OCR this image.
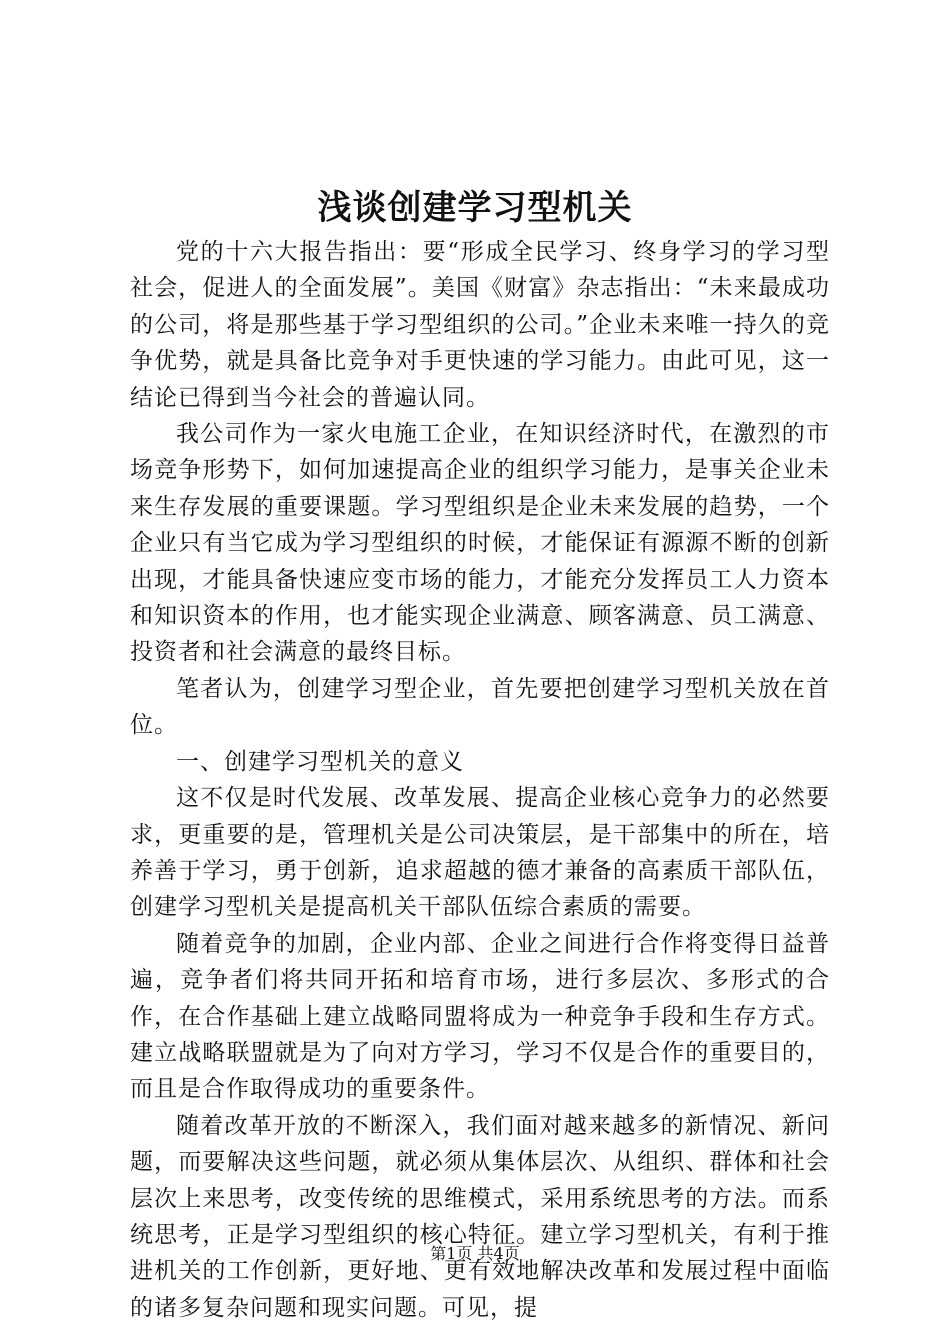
浅谈创建学习型机关

党的十六大报告指出：要“形成全民学习、终身学习的学习型社会，促进人的全面发展”。美国《财富》杂志指出：“未来最成功的公司，将是那些基于学习型组织的公司。”企业未来唯一持久的竞争优势，就是具备比竞争对手更快速的学习能力。由此可见，这一结论已得到当今社会的普遍认同。

我公司作为一家火电施工企业，在知识经济时代，在激烈的市场竞争形势下，如何加速提高企业的组织学习能力，是事关企业未来生存发展的重要课题。学习型组织是企业未来发展的趋势，一个企业只有当它成为学习型组织的时候，才能保证有源源不断的创新出现，才能具备快速应变市场的能力，才能充分发挥员工人力资本和知识资本的作用，也才能实现企业满意、顾客满意、员工满意、投资者和社会满意的最终目标。

笔者认为，创建学习型企业，首先要把创建学习型机关放在首位。

一、创建学习型机关的意义

这不仅是时代发展、改革发展、提高企业核心竞争力的必然要求，更重要的是，管理机关是公司决策层，是干部集中的所在，培养善于学习，勇于创新，追求超越的德才兼备的高素质干部队伍，创建学习型机关是提高机关干部队伍综合素质的需要。

随着竞争的加剧，企业内部、企业之间进行合作将变得日益普遍，竞争者们将共同开拓和培育市场，进行多层次、多形式的合作，在合作基础上建立战略同盟将成为一种竞争手段和生存方式。建立战略联盟就是为了向对方学习，学习不仅是合作的重要目的，而且是合作取得成功的重要条件。

随着改革开放的不断深入，我们面对越来越多的新情况、新问题，而要解决这些问题，就必须从集体层次、从组织、群体和社会层次上来思考，改变传统的思维模式，采用系统思考的方法。而系统思考，正是学习型组织的核心特征。建立学习型机关，有利于推进机关的工作创新，更好地、更有效地解决改革和发展过程中面临的诸多复杂问题和现实问题。可见，提

第1页 共4页
